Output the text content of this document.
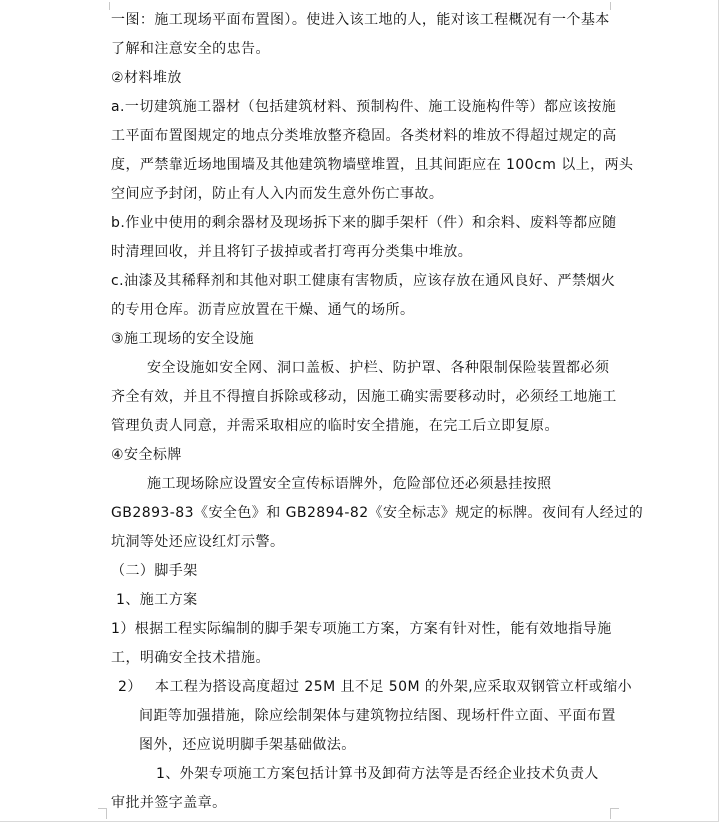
一图：施工现场平面布置图）。使进入该工地的人，能对该工程概况有一个基本
了解和注意安全的忠告。
②材料堆放
a.一切建筑施工器材（包括建筑材料、预制构件、施工设施构件等）都应该按施
工平面布置图规定的地点分类堆放整齐稳固。各类材料的堆放不得超过规定的高
度，严禁靠近场地围墙及其他建筑物墙壁堆置，且其间距应在 100cm 以上，两头
空间应予封闭，防止有人入内而发生意外伤亡事故。
b.作业中使用的剩余器材及现场拆下来的脚手架杆（件）和余料、废料等都应随
时清理回收，并且将钉子拔掉或者打弯再分类集中堆放。
c.油漆及其稀释剂和其他对职工健康有害物质，应该存放在通风良好、严禁烟火
的专用仓库。沥青应放置在干燥、通气的场所。
③施工现场的安全设施
安全设施如安全网、洞口盖板、护栏、防护罩、各种限制保险装置都必须
齐全有效，并且不得擅自拆除或移动，因施工确实需要移动时，必须经工地施工
管理负责人同意，并需采取相应的临时安全措施，在完工后立即复原。
④安全标牌
施工现场除应设置安全宣传标语牌外，危险部位还必须悬挂按照
GB2893-83《安全色》和 GB2894-82《安全标志》规定的标牌。夜间有人经过的
坑洞等处还应设红灯示警。
（二）脚手架
1、施工方案
1）根据工程实际编制的脚手架专项施工方案，方案有针对性，能有效地指导施
工，明确安全技术措施。
2） 本工程为搭设高度超过 25M 且不足 50M 的外架,应采取双钢管立杆或缩小
间距等加强措施，除应绘制架体与建筑物拉结图、现场杆件立面、平面布置
图外，还应说明脚手架基础做法。
1、外架专项施工方案包括计算书及卸荷方法等是否经企业技术负责人
审批并签字盖章。
